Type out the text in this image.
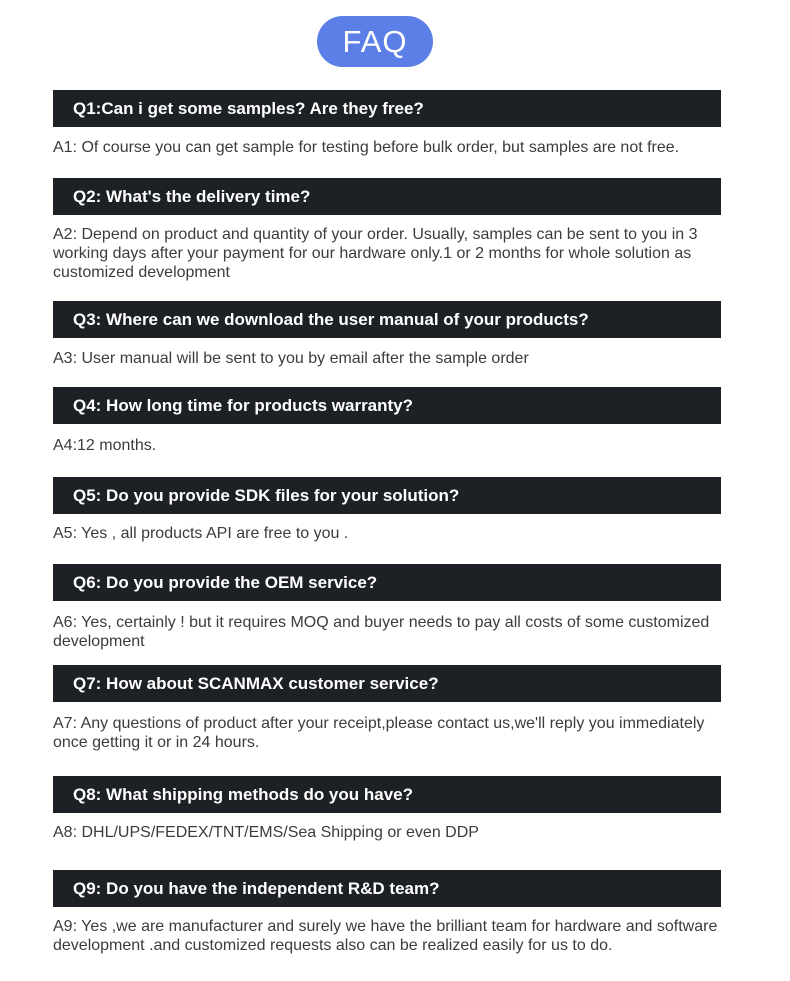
FAQ
Q1:Can i get some samples? Are they free?
A1: Of course you can get sample for testing before bulk order, but samples are not free.
Q2: What's the delivery time?
A2: Depend on product and quantity of your order. Usually, samples can be sent to you in 3 working days after your payment for our hardware only.1 or 2 months for whole solution as customized development
Q3: Where can we download the user manual of your products?
A3: User manual will be sent to you by email after the sample order
Q4: How long time for products warranty?
A4:12 months.
Q5: Do you provide SDK files for your solution?
A5: Yes , all products API are free to you .
Q6: Do you provide the OEM service?
A6: Yes, certainly ! but it requires MOQ and buyer needs to pay all costs of some customized development
Q7: How about SCANMAX customer service?
A7: Any questions of product after your receipt,please contact us,we'll reply you immediately once getting it or in 24 hours.
Q8: What shipping methods do you have?
A8: DHL/UPS/FEDEX/TNT/EMS/Sea Shipping or even DDP
Q9: Do you have the independent R&D team?
A9: Yes ,we are manufacturer and surely we have the brilliant team for hardware and software development .and customized requests also can be realized easily for us to do.
